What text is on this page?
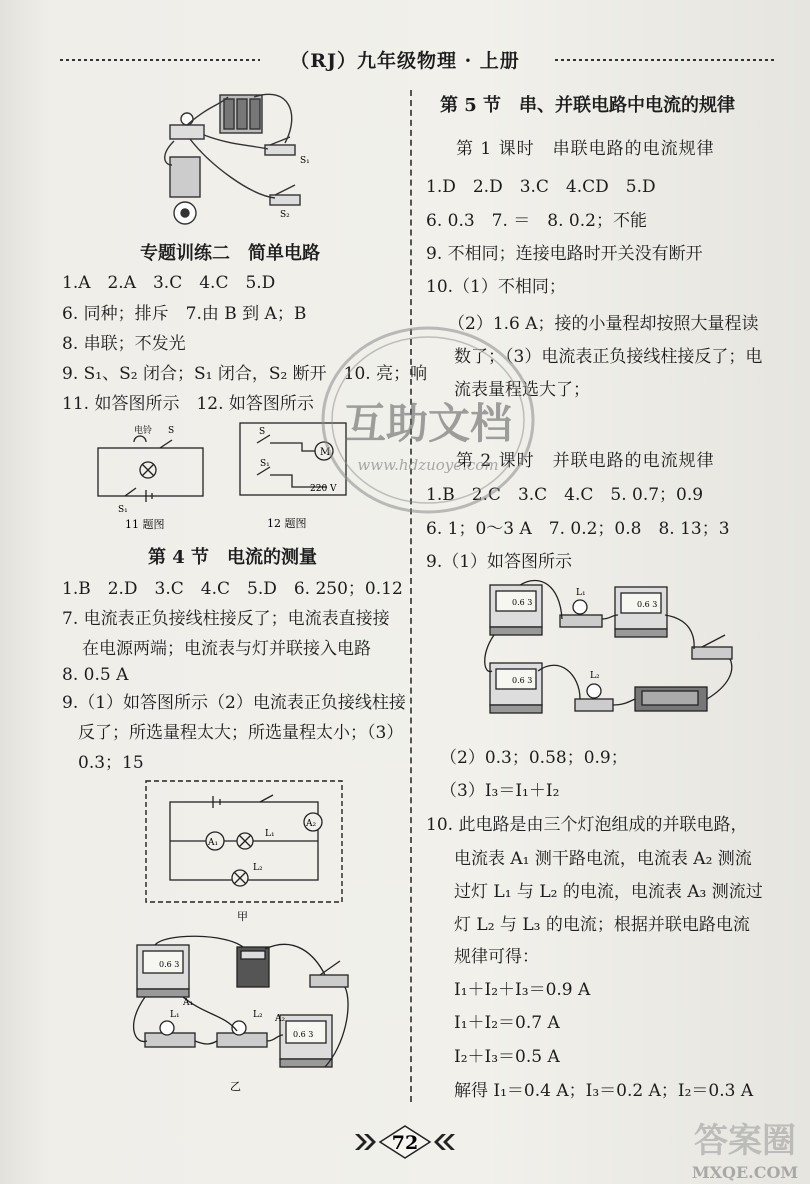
（RJ）九年级物理 · 上册
S₁
S₂
专题训练二　简单电路
1.A　2.A　3.C　4.C　5.D
6. 同种；排斥　7.由 B 到 A；B
8. 串联；不发光
9. S₁、S₂ 闭合；S₁ 闭合，S₂ 断开　10. 亮；响
11. 如答图所示　12. 如答图所示
电铃 S
S₁
11 题图
S
S₁
M
220 V
12 题图
第 4 节　电流的测量
1.B　2.D　3.C　4.C　5.D　6. 250；0.12
7. 电流表正负接线柱接反了；电流表直接接
在电源两端；电流表与灯并联接入电路
8. 0.5 A
9.（1）如答图所示（2）电流表正负接线柱接
反了；所选量程太大；所选量程太小；（3）
0.3；15
A₁
A₂
L₁
L₂
甲
0.6 3
0.6 3
A₁
A₂
L₁	L₂
乙
第 5 节　串、并联电路中电流的规律
第 1 课时　串联电路的电流规律
1.D　2.D　3.C　4.CD　5.D
6. 0.3　7. ＝　8. 0.2；不能
9. 不相同；连接电路时开关没有断开
10.（1）不相同；
（2）1.6 A；接的小量程却按照大量程读
数了；（3）电流表正负接线柱接反了；电
流表量程选大了；
第 2 课时　并联电路的电流规律
1.B　2.C　3.C　4.C　5. 0.7；0.9
6. 1；0～3 A　7. 0.2；0.8　8. 13；3
9.（1）如答图所示
0.6 3	0.6 3
0.6 3
L₁
L₂
（2）0.3；0.58；0.9；
（3）I₃＝I₁＋I₂
10. 此电路是由三个灯泡组成的并联电路，
电流表 A₁ 测干路电流，电流表 A₂ 测流
过灯 L₁ 与 L₂ 的电流，电流表 A₃ 测流过
灯 L₂ 与 L₃ 的电流；根据并联电路电流
规律可得：
I₁＋I₂＋I₃＝0.9 A
I₁＋I₂＝0.7 A
I₂＋I₃＝0.5 A
解得 I₁＝0.4 A；I₃＝0.2 A；I₂＝0.3 A
72
互助文档
www.hdzuoye.com
答案圈
MXQE.COM
